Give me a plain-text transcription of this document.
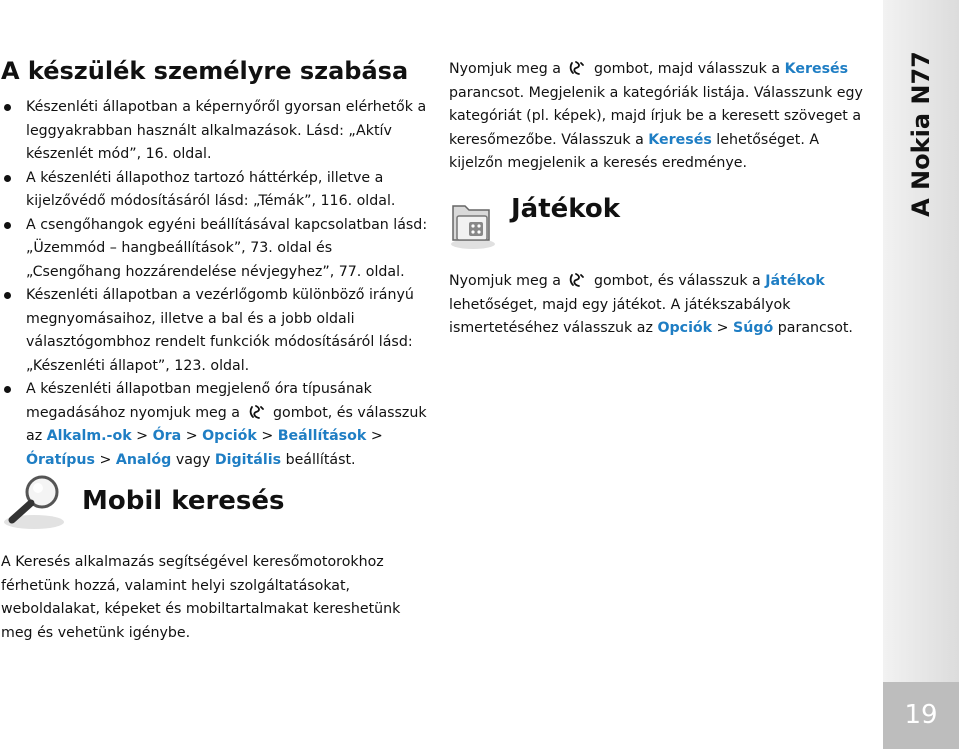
A készülék személyre szabása
Készenléti állapotban a képernyőről gyorsan elérhetők a leggyakrabban használt alkalmazások. Lásd: „Aktív készenlét mód”, 16. oldal.
A készenléti állapothoz tartozó háttérkép, illetve a kijelzővédő módosításáról lásd: „Témák”, 116. oldal.
A csengőhangok egyéni beállításával kapcsolatban lásd: „Üzemmód – hangbeállítások”, 73. oldal és „Csengőhang hozzárendelése névjegyhez”, 77. oldal.
Készenléti állapotban a vezérlőgomb különböző irányú megnyomásaihoz, illetve a bal és a jobb oldali választógombhoz rendelt funkciók módosításáról lásd: „Készenléti állapot”, 123. oldal.
A készenléti állapotban megjelenő óra típusának megadásához nyomjuk meg a gombot, és válasszuk az Alkalm.-ok > Óra > Opciók > Beállítások > Óratípus > Analóg vagy Digitális beállítást.
Mobil keresés

A Keresés alkalmazás segítségével keresőmotorokhoz férhetünk hozzá, valamint helyi szolgáltatásokat, weboldalakat, képeket és mobiltartalmakat kereshetünk meg és vehetünk igénybe.

Nyomjuk meg a gombot, majd válasszuk a Keresés parancsot. Megjelenik a kategóriák listája. Válasszunk egy kategóriát (pl. képek), majd írjuk be a keresett szöveget a keresőmezőbe. Válasszuk a Keresés lehetőséget. A kijelzőn megjelenik a keresés eredménye.

Játékok

Nyomjuk meg a gombot, és válasszuk a Játékok lehetőséget, majd egy játékot. A játékszabályok ismertetéséhez válasszuk az Opciók > Súgó parancsot.

A Nokia N77
19
